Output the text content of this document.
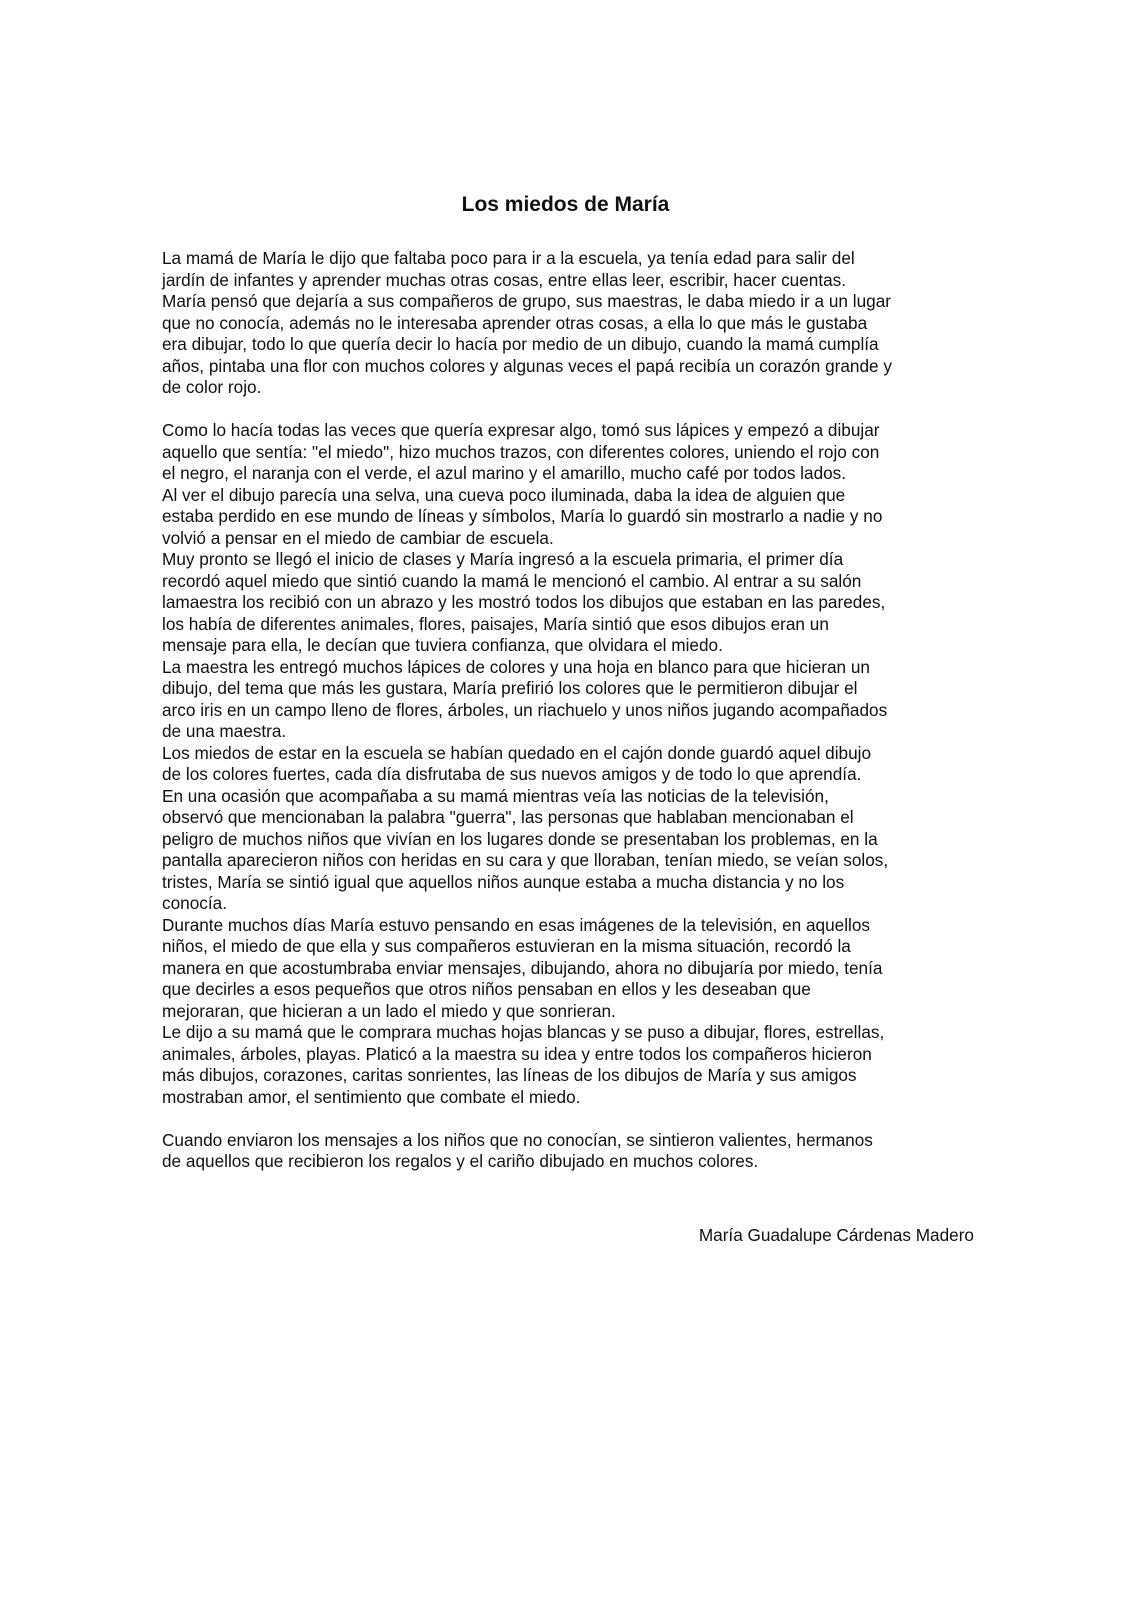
Los miedos de María
La mamá de María le dijo que faltaba poco para ir a la escuela, ya tenía edad para salir del
jardín de infantes y aprender muchas otras cosas, entre ellas leer, escribir, hacer cuentas.
María pensó que dejaría a sus compañeros de grupo, sus maestras, le daba miedo ir a un lugar
que no conocía, además no le interesaba aprender otras cosas, a ella lo que más le gustaba
era dibujar, todo lo que quería decir lo hacía por medio de un dibujo, cuando la mamá cumplía
años, pintaba una flor con muchos colores y algunas veces el papá recibía un corazón grande y
de color rojo.
Como lo hacía todas las veces que quería expresar algo, tomó sus lápices y empezó a dibujar
aquello que sentía: "el miedo", hizo muchos trazos, con diferentes colores, uniendo el rojo con
el negro, el naranja con el verde, el azul marino y el amarillo, mucho café por todos lados.
Al ver el dibujo parecía una selva, una cueva poco iluminada, daba la idea de alguien que
estaba perdido en ese mundo de líneas y símbolos, María lo guardó sin mostrarlo a nadie y no
volvió a pensar en el miedo de cambiar de escuela.
Muy pronto se llegó el inicio de clases y María ingresó a la escuela primaria, el primer día
recordó aquel miedo que sintió cuando la mamá le mencionó el cambio. Al entrar a su salón
lamaestra los recibió con un abrazo y les mostró todos los dibujos que estaban en las paredes,
los había de diferentes animales, flores, paisajes, María sintió que esos dibujos eran un
mensaje para ella, le decían que tuviera confianza, que olvidara el miedo.
La maestra les entregó muchos lápices de colores y una hoja en blanco para que hicieran un
dibujo, del tema que más les gustara, María prefirió los colores que le permitieron dibujar el
arco iris en un campo lleno de flores, árboles, un riachuelo y unos niños jugando acompañados
de una maestra.
Los miedos de estar en la escuela se habían quedado en el cajón donde guardó aquel dibujo
de los colores fuertes, cada día disfrutaba de sus nuevos amigos y de todo lo que aprendía.
En una ocasión que acompañaba a su mamá mientras veía las noticias de la televisión,
observó que mencionaban la palabra "guerra", las personas que hablaban mencionaban el
peligro de muchos niños que vivían en los lugares donde se presentaban los problemas, en la
pantalla aparecieron niños con heridas en su cara y que lloraban, tenían miedo, se veían solos,
tristes, María se sintió igual que aquellos niños aunque estaba a mucha distancia y no los
conocía.
Durante muchos días María estuvo pensando en esas imágenes de la televisión, en aquellos
niños, el miedo de que ella y sus compañeros estuvieran en la misma situación, recordó la
manera en que acostumbraba enviar mensajes, dibujando, ahora no dibujaría por miedo, tenía
que decirles a esos pequeños que otros niños pensaban en ellos y les deseaban que
mejoraran, que hicieran a un lado el miedo y que sonrieran.
Le dijo a su mamá que le comprara muchas hojas blancas y se puso a dibujar, flores, estrellas,
animales, árboles, playas. Platicó a la maestra su idea y entre todos los compañeros hicieron
más dibujos, corazones, caritas sonrientes, las líneas de los dibujos de María y sus amigos
mostraban amor, el sentimiento que combate el miedo.
Cuando enviaron los mensajes a los niños que no conocían, se sintieron valientes, hermanos
de aquellos que recibieron los regalos y el cariño dibujado en muchos colores.
María Guadalupe Cárdenas Madero
